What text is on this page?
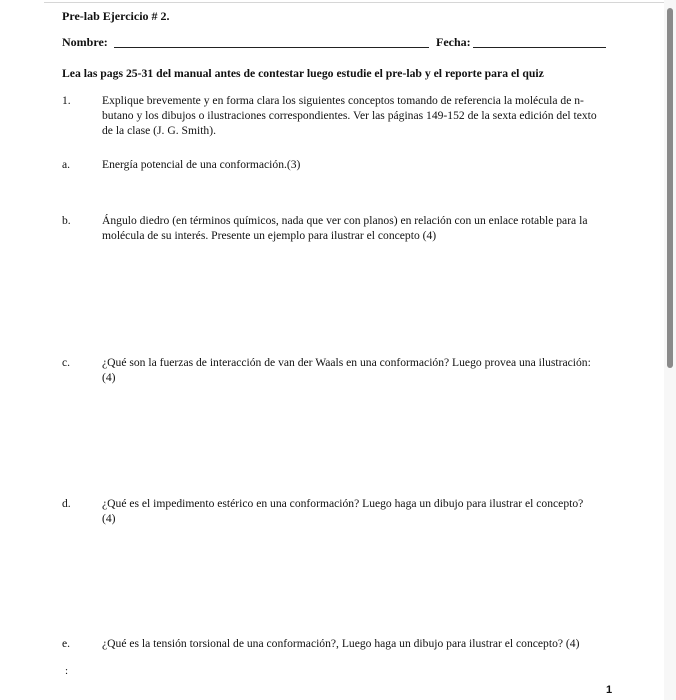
Pre-lab Ejercicio # 2.
Nombre:	Fecha:
Lea las pags 25-31 del manual antes de contestar luego estudie el pre-lab y el reporte para el quiz
1.	Explique brevemente y en forma clara los siguientes conceptos tomando de referencia la molécula de n-
butano y los dibujos o ilustraciones correspondientes. Ver las páginas 149-152 de la sexta edición del texto
de la clase (J. G. Smith).
a.	Energía potencial de una conformación.(3)
b.	Ángulo diedro (en términos químicos, nada que ver con planos) en relación con un enlace rotable para la
molécula de su interés. Presente un ejemplo para ilustrar el concepto (4)
c.	¿Qué son la fuerzas de interacción de van der Waals en una conformación? Luego provea una ilustración:
(4)
d.	¿Qué es el impedimento estérico en una conformación? Luego haga un dibujo para ilustrar el concepto?
(4)
e.	¿Qué es la tensión torsional de una conformación?, Luego haga un dibujo para ilustrar el concepto? (4)
:
1
